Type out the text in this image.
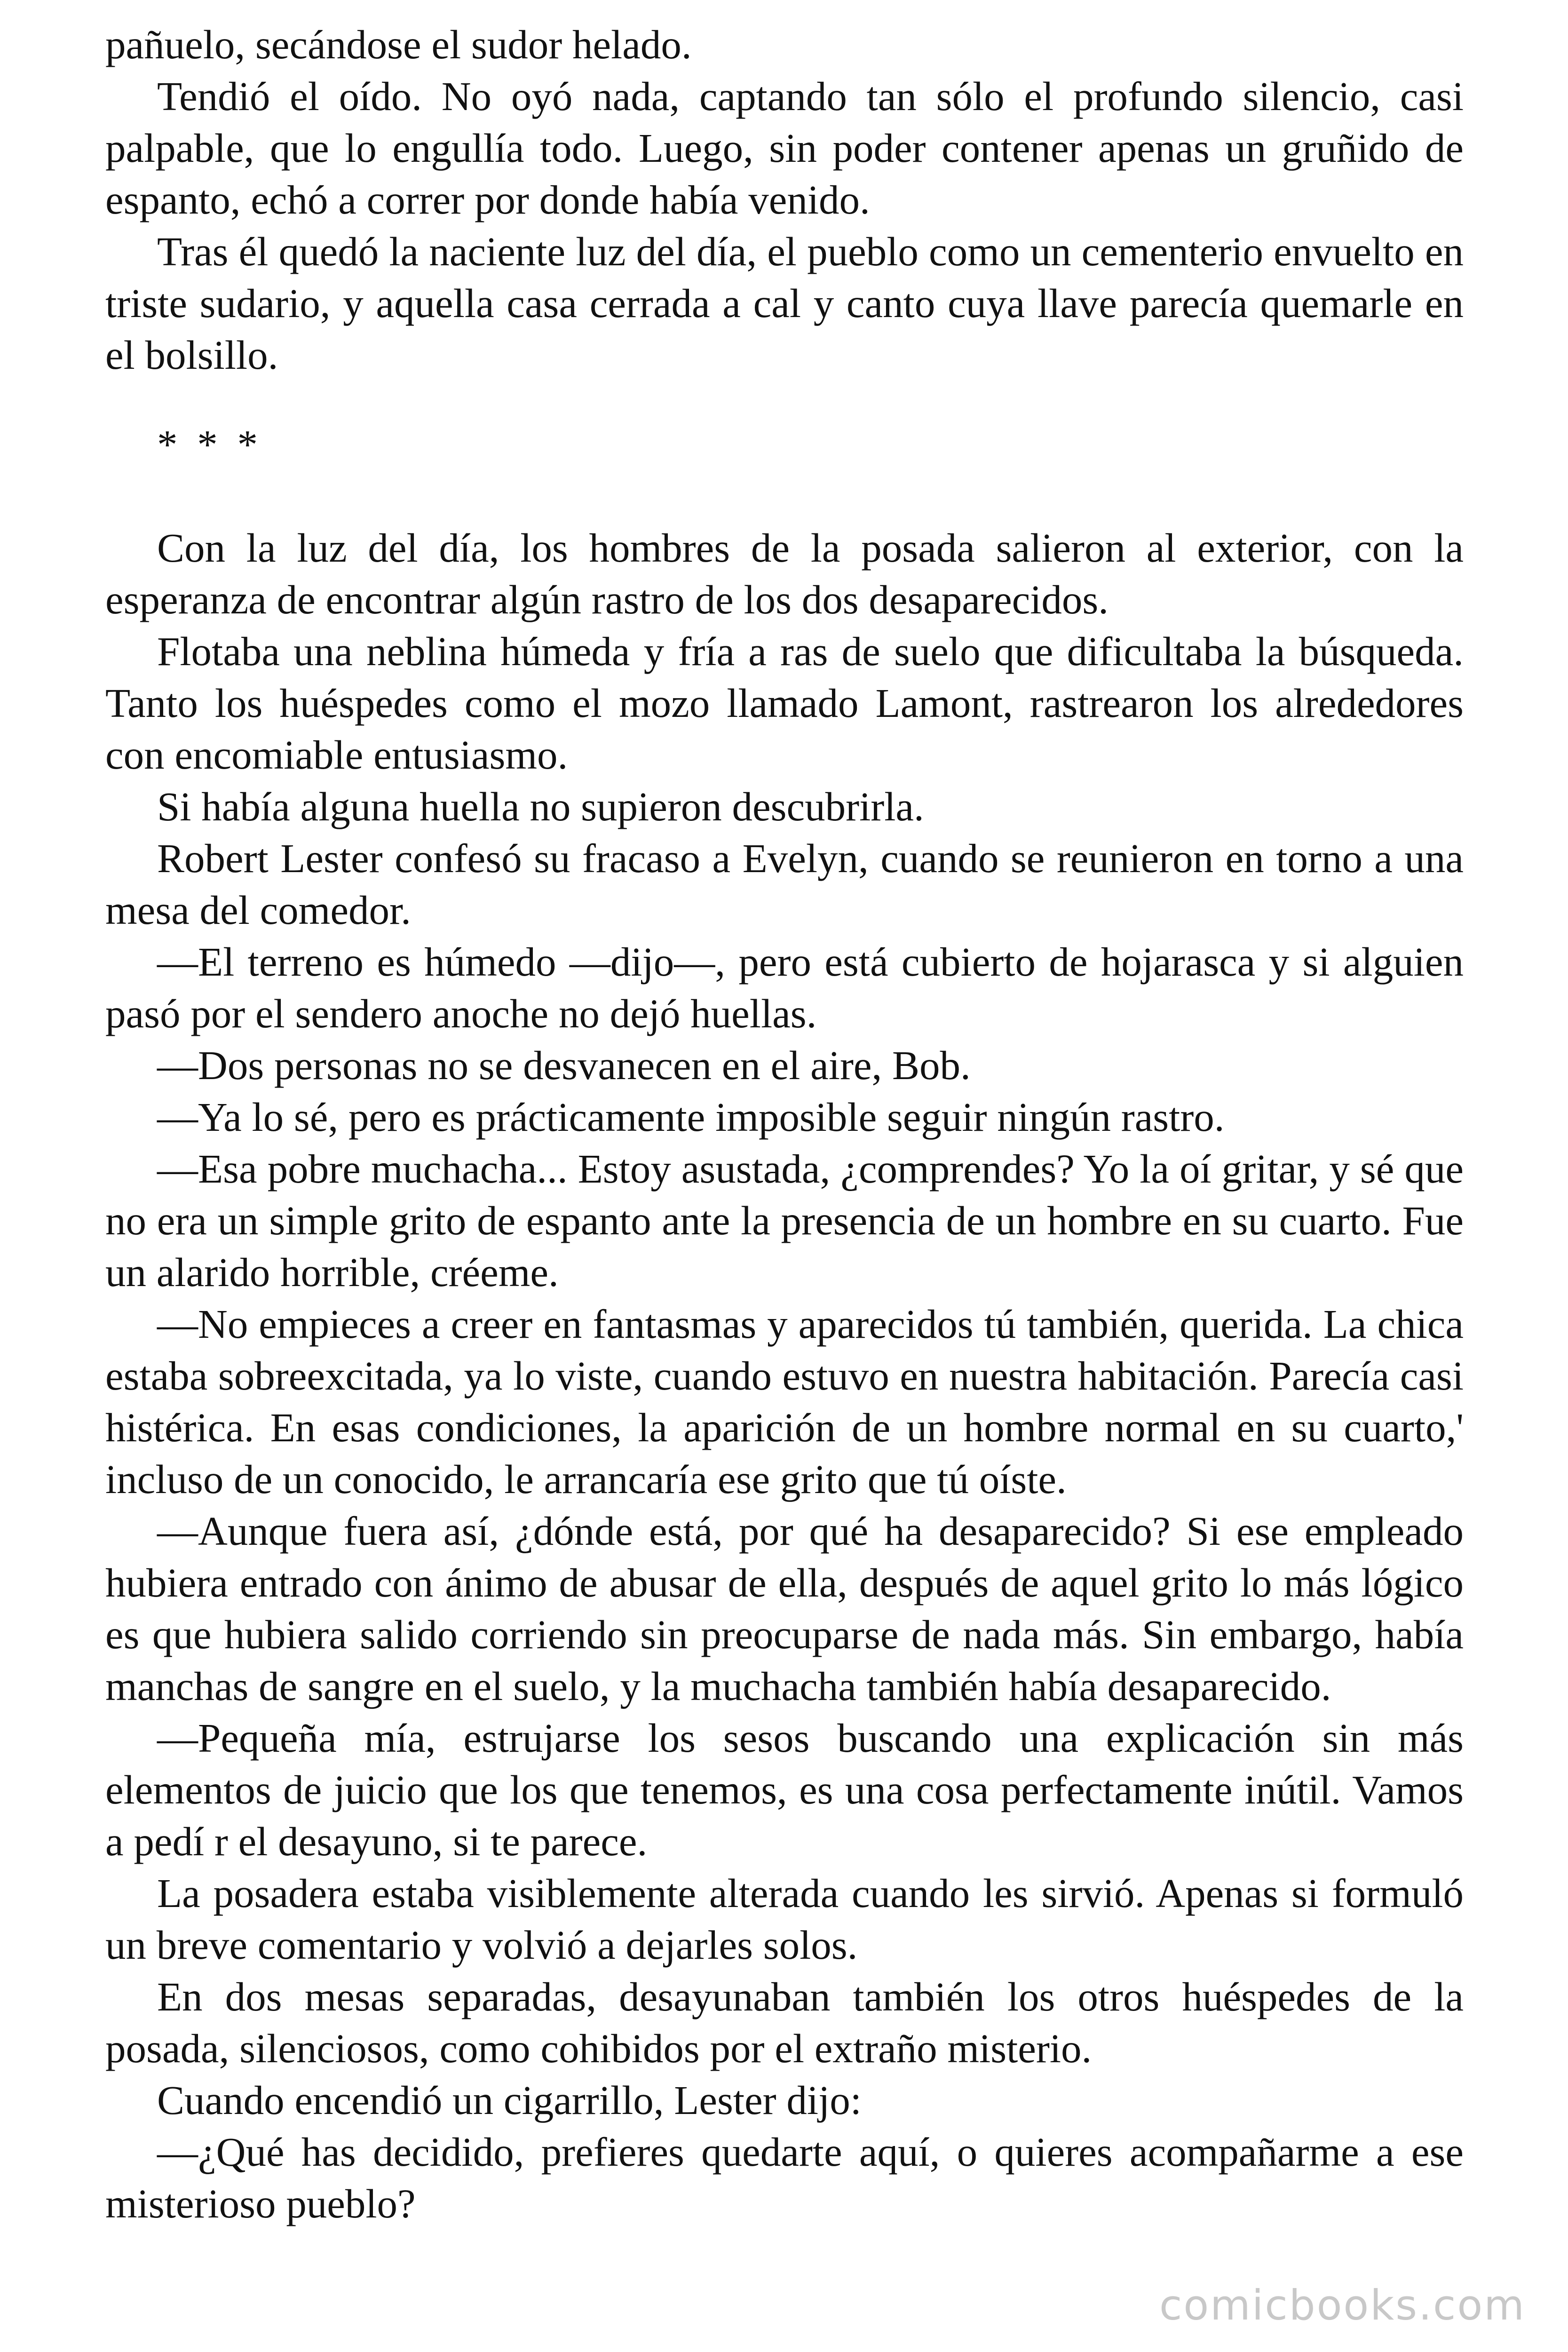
pañuelo, secándose el sudor helado.

Tendió el oído. No oyó nada, captando tan sólo el profundo silencio, casi palpable, que lo engullía todo. Luego, sin poder contener apenas un gruñido de espanto, echó a correr por donde había venido.

Tras él quedó la naciente luz del día, el pueblo como un cementerio envuelto en triste sudario, y aquella casa cerrada a cal y canto cuya llave parecía quemarle en el bolsillo.

* * *

Con la luz del día, los hombres de la posada salieron al exterior, con la esperanza de encontrar algún rastro de los dos desaparecidos.

Flotaba una neblina húmeda y fría a ras de suelo que dificultaba la búsqueda. Tanto los huéspedes como el mozo llamado Lamont, rastrearon los alrededores con encomiable entusiasmo.

Si había alguna huella no supieron descubrirla.

Robert Lester confesó su fracaso a Evelyn, cuando se reunieron en torno a una mesa del comedor.

—El terreno es húmedo —dijo—, pero está cubierto de hojarasca y si alguien pasó por el sendero anoche no dejó huellas.

—Dos personas no se desvanecen en el aire, Bob.

—Ya lo sé, pero es prácticamente imposible seguir ningún rastro.

—Esa pobre muchacha... Estoy asustada, ¿comprendes? Yo la oí gritar, y sé que no era un simple grito de espanto ante la presencia de un hombre en su cuarto. Fue un alarido horrible, créeme.

—No empieces a creer en fantasmas y aparecidos tú también, querida. La chica estaba sobreexcitada, ya lo viste, cuando estuvo en nuestra habitación. Parecía casi histérica. En esas condiciones, la aparición de un hombre normal en su cuarto,' incluso de un conocido, le arrancaría ese grito que tú oíste.

—Aunque fuera así, ¿dónde está, por qué ha desaparecido? Si ese empleado hubiera entrado con ánimo de abusar de ella, después de aquel grito lo más lógico es que hubiera salido corriendo sin preocuparse de nada más. Sin embargo, había manchas de sangre en el suelo, y la muchacha también había desaparecido.

—Pequeña mía, estrujarse los sesos buscando una explicación sin más elementos de juicio que los que tenemos, es una cosa perfectamente inútil. Vamos a pedí r el desayuno, si te parece.

La posadera estaba visiblemente alterada cuando les sirvió. Apenas si formuló un breve comentario y volvió a dejarles solos.

En dos mesas separadas, desayunaban también los otros huéspedes de la posada, silenciosos, como cohibidos por el extraño misterio.

Cuando encendió un cigarrillo, Lester dijo:

—¿Qué has decidido, prefieres quedarte aquí, o quieres acompañarme a ese misterioso pueblo?

comicbooks.com
